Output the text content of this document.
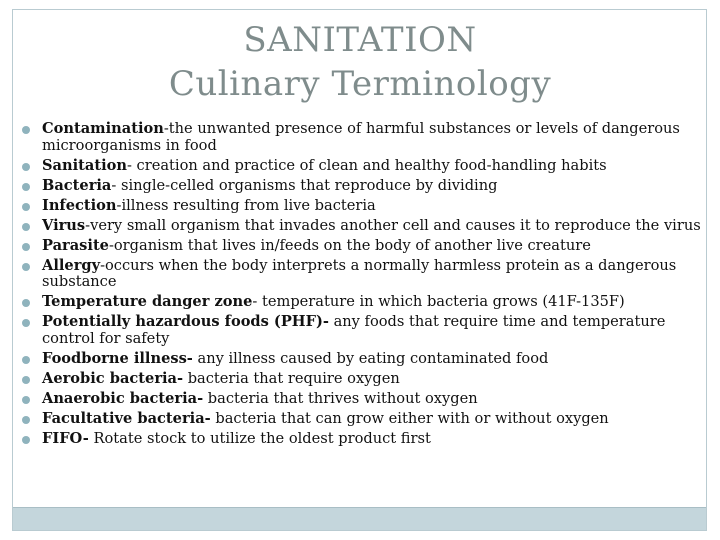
SANITATION
Culinary Terminology
Contamination-the unwanted presence of harmful substances or levels of dangerous microorganisms in food
Sanitation- creation and practice of clean and healthy food-handling habits
Bacteria- single-celled organisms that reproduce by dividing
Infection-illness resulting from live bacteria
Virus-very small organism that invades another cell and causes it to reproduce the virus
Parasite-organism that lives in/feeds on the body of another live creature
Allergy-occurs when the body interprets a normally harmless protein as a dangerous substance
Temperature danger zone- temperature in which bacteria grows (41F-135F)
Potentially hazardous foods (PHF)- any foods that require time and temperature control for safety
Foodborne illness- any illness caused by eating contaminated food
Aerobic bacteria- bacteria that require oxygen
Anaerobic bacteria- bacteria that thrives without oxygen
Facultative bacteria- bacteria that can grow either with or without oxygen
FIFO- Rotate stock to utilize the oldest product first
